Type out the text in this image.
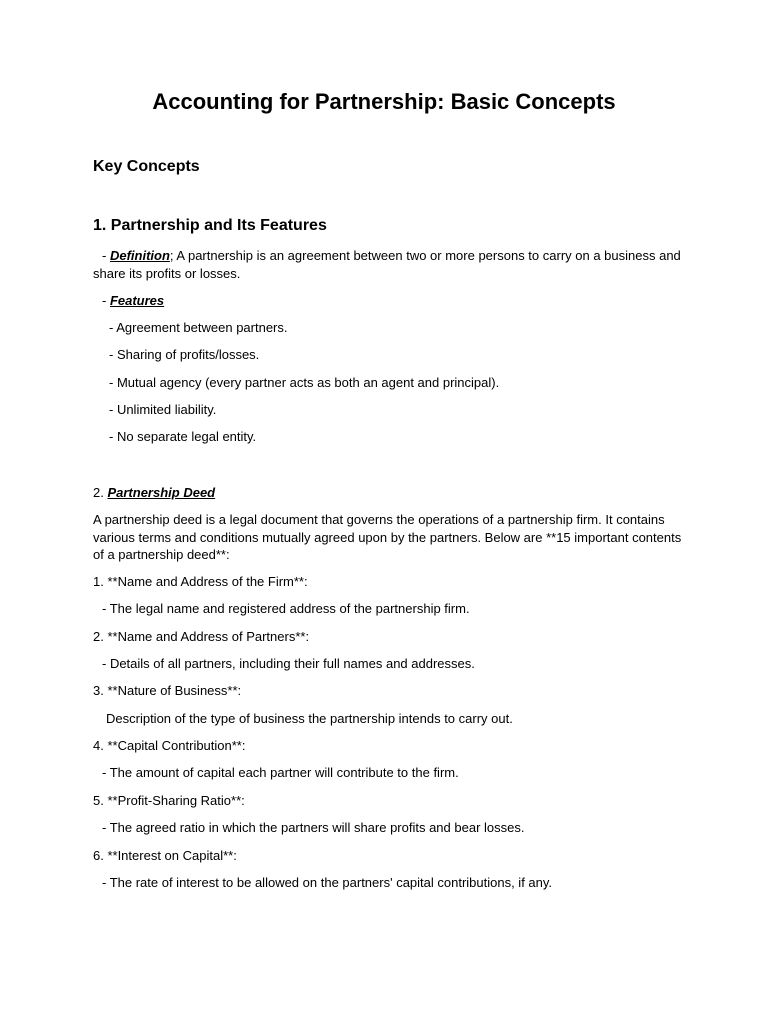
Accounting for Partnership: Basic Concepts
Key Concepts
1. Partnership and Its Features
- Definition; A partnership is an agreement between two or more persons to carry on a business and share its profits or losses.
- Features
- Agreement between partners.
- Sharing of profits/losses.
- Mutual agency (every partner acts as both an agent and principal).
- Unlimited liability.
- No separate legal entity.
2. Partnership Deed
A partnership deed is a legal document that governs the operations of a partnership firm. It contains various terms and conditions mutually agreed upon by the partners. Below are **15 important contents of a partnership deed**:
1. **Name and Address of the Firm**:
- The legal name and registered address of the partnership firm.
2. **Name and Address of Partners**:
- Details of all partners, including their full names and addresses.
3. **Nature of Business**:
Description of the type of business the partnership intends to carry out.
4. **Capital Contribution**:
- The amount of capital each partner will contribute to the firm.
5. **Profit-Sharing Ratio**:
- The agreed ratio in which the partners will share profits and bear losses.
6. **Interest on Capital**:
- The rate of interest to be allowed on the partners' capital contributions, if any.
